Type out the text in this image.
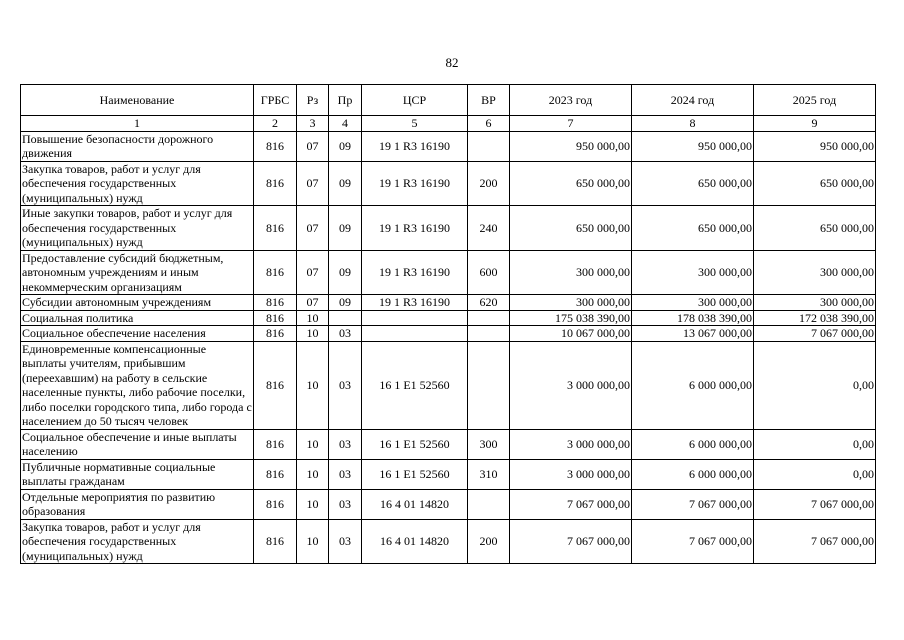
82
Наименование	ГРБС	Рз	Пр	ЦСР	ВР	2023 год	2024 год	2025 год
1	2	3	4	5	6	7	8	9
Повышение безопасности дорожного движения	816	07	09	19 1 R3 16190		950 000,00	950 000,00	950 000,00
Закупка товаров, работ и услуг для обеспечения государственных (муниципальных) нужд	816	07	09	19 1 R3 16190	200	650 000,00	650 000,00	650 000,00
Иные закупки товаров, работ и услуг для обеспечения государственных (муниципальных) нужд	816	07	09	19 1 R3 16190	240	650 000,00	650 000,00	650 000,00
Предоставление субсидий бюджетным, автономным учреждениям и иным некоммерческим организациям	816	07	09	19 1 R3 16190	600	300 000,00	300 000,00	300 000,00
Субсидии автономным учреждениям	816	07	09	19 1 R3 16190	620	300 000,00	300 000,00	300 000,00
Социальная политика	816	10				175 038 390,00	178 038 390,00	172 038 390,00
Социальное обеспечение населения	816	10	03			10 067 000,00	13 067 000,00	7 067 000,00
Единовременные компенсационные выплаты учителям, прибывшим (переехавшим) на работу в сельские населенные пункты, либо рабочие поселки, либо поселки городского типа, либо города с населением до 50 тысяч человек	816	10	03	16 1 E1 52560		3 000 000,00	6 000 000,00	0,00
Социальное обеспечение и иные выплаты населению	816	10	03	16 1 E1 52560	300	3 000 000,00	6 000 000,00	0,00
Публичные нормативные социальные выплаты гражданам	816	10	03	16 1 E1 52560	310	3 000 000,00	6 000 000,00	0,00
Отдельные мероприятия по развитию образования	816	10	03	16 4 01 14820		7 067 000,00	7 067 000,00	7 067 000,00
Закупка товаров, работ и услуг для обеспечения государственных (муниципальных) нужд	816	10	03	16 4 01 14820	200	7 067 000,00	7 067 000,00	7 067 000,00
